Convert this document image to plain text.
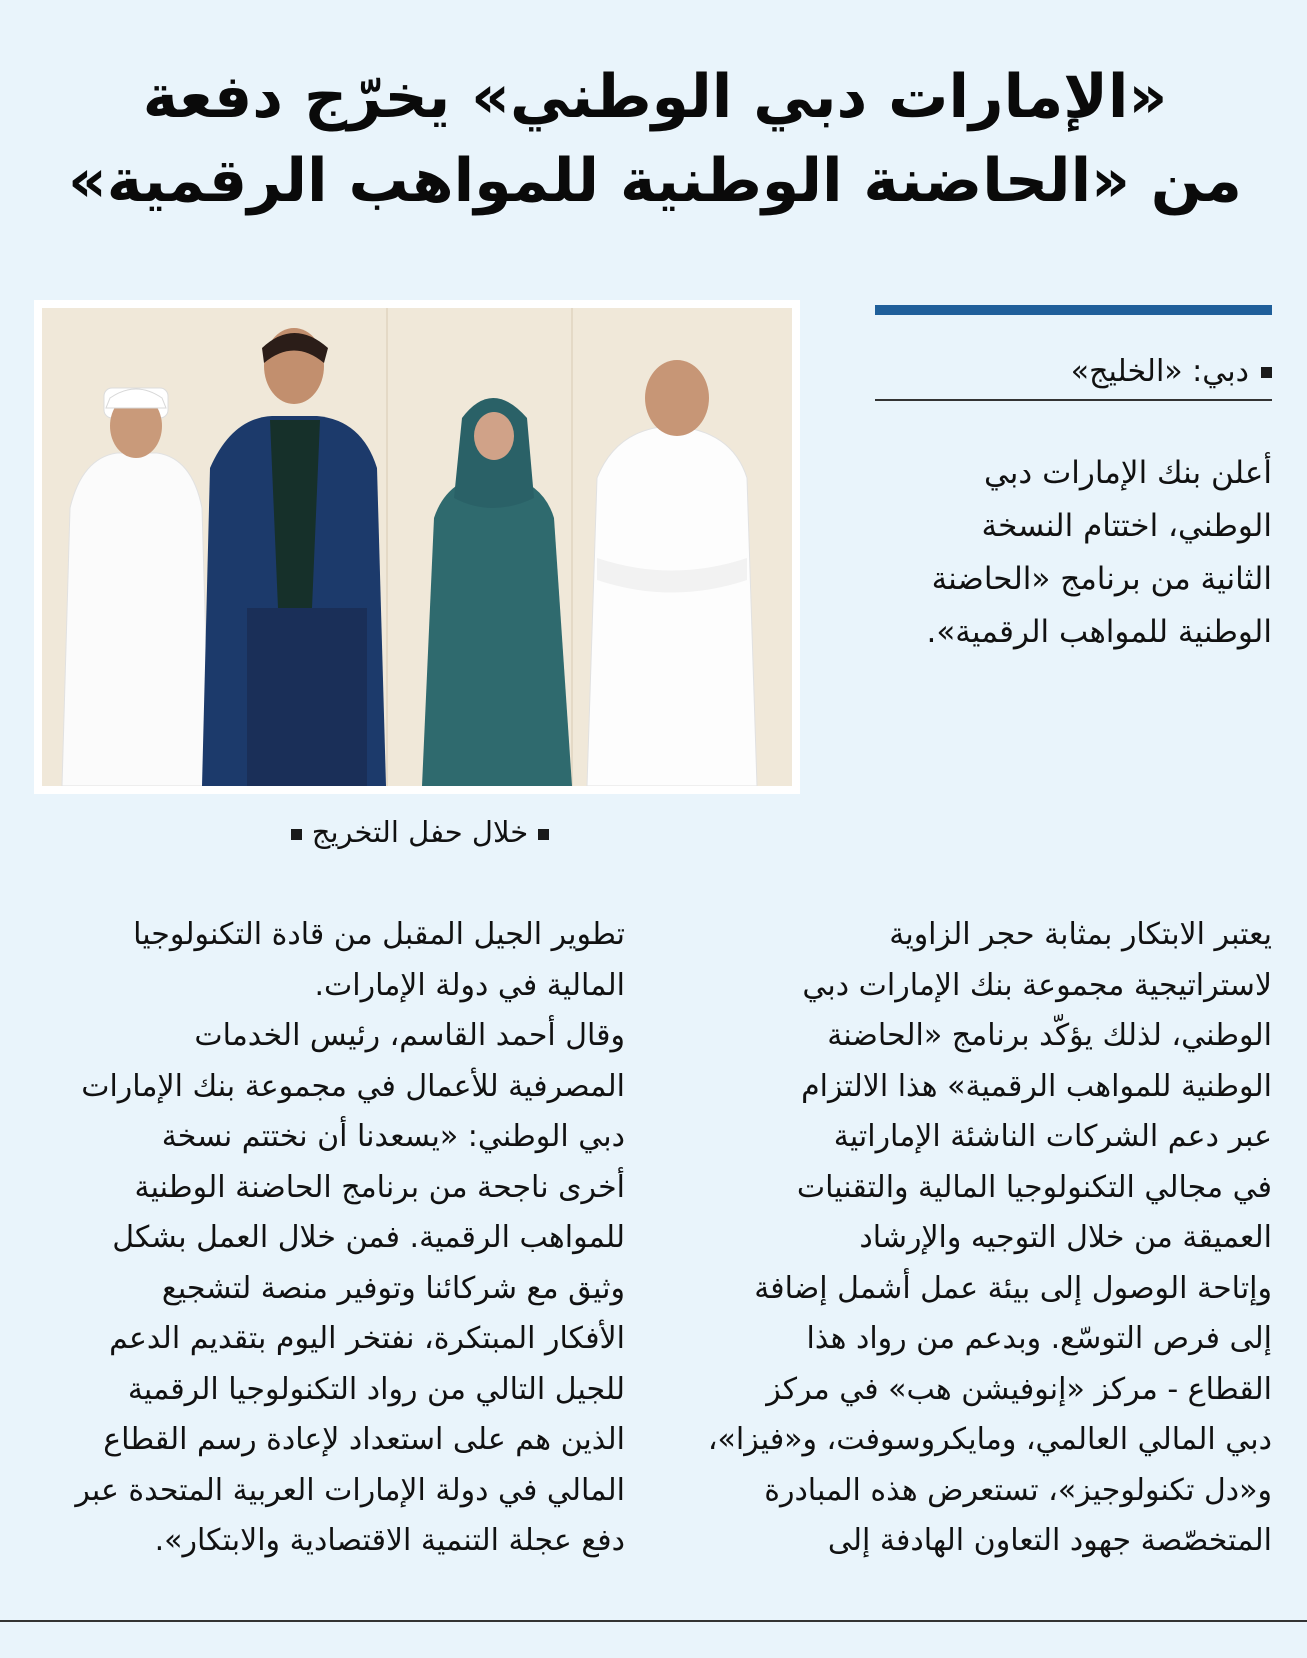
«الإمارات دبي الوطني» يخرّج دفعة
من «الحاضنة الوطنية للمواهب الرقمية»
خلال حفل التخريج
دبي: «الخليج»
أعلن بنك الإمارات دبي
الوطني، اختتام النسخة
الثانية من برنامج «الحاضنة
الوطنية للمواهب الرقمية».
يعتبر الابتكار بمثابة حجر الزاوية
لاستراتيجية مجموعة بنك الإمارات دبي
الوطني، لذلك يؤكّد برنامج «الحاضنة
الوطنية للمواهب الرقمية» هذا الالتزام
عبر دعم الشركات الناشئة الإماراتية
في مجالي التكنولوجيا المالية والتقنيات
العميقة من خلال التوجيه والإرشاد
وإتاحة الوصول إلى بيئة عمل أشمل إضافة
إلى فرص التوسّع. وبدعم من رواد هذا
القطاع - مركز «إنوفيشن هب» في مركز
دبي المالي العالمي، ومايكروسوفت، و«فيزا»،
و«دل تكنولوجيز»، تستعرض هذه المبادرة
المتخصّصة جهود التعاون الهادفة إلى
تطوير الجيل المقبل من قادة التكنولوجيا
المالية في دولة الإمارات.
وقال أحمد القاسم، رئيس الخدمات
المصرفية للأعمال في مجموعة بنك الإمارات
دبي الوطني: «يسعدنا أن نختتم نسخة
أخرى ناجحة من برنامج الحاضنة الوطنية
للمواهب الرقمية. فمن خلال العمل بشكل
وثيق مع شركائنا وتوفير منصة لتشجيع
الأفكار المبتكرة، نفتخر اليوم بتقديم الدعم
للجيل التالي من رواد التكنولوجيا الرقمية
الذين هم على استعداد لإعادة رسم القطاع
المالي في دولة الإمارات العربية المتحدة عبر
دفع عجلة التنمية الاقتصادية والابتكار».
